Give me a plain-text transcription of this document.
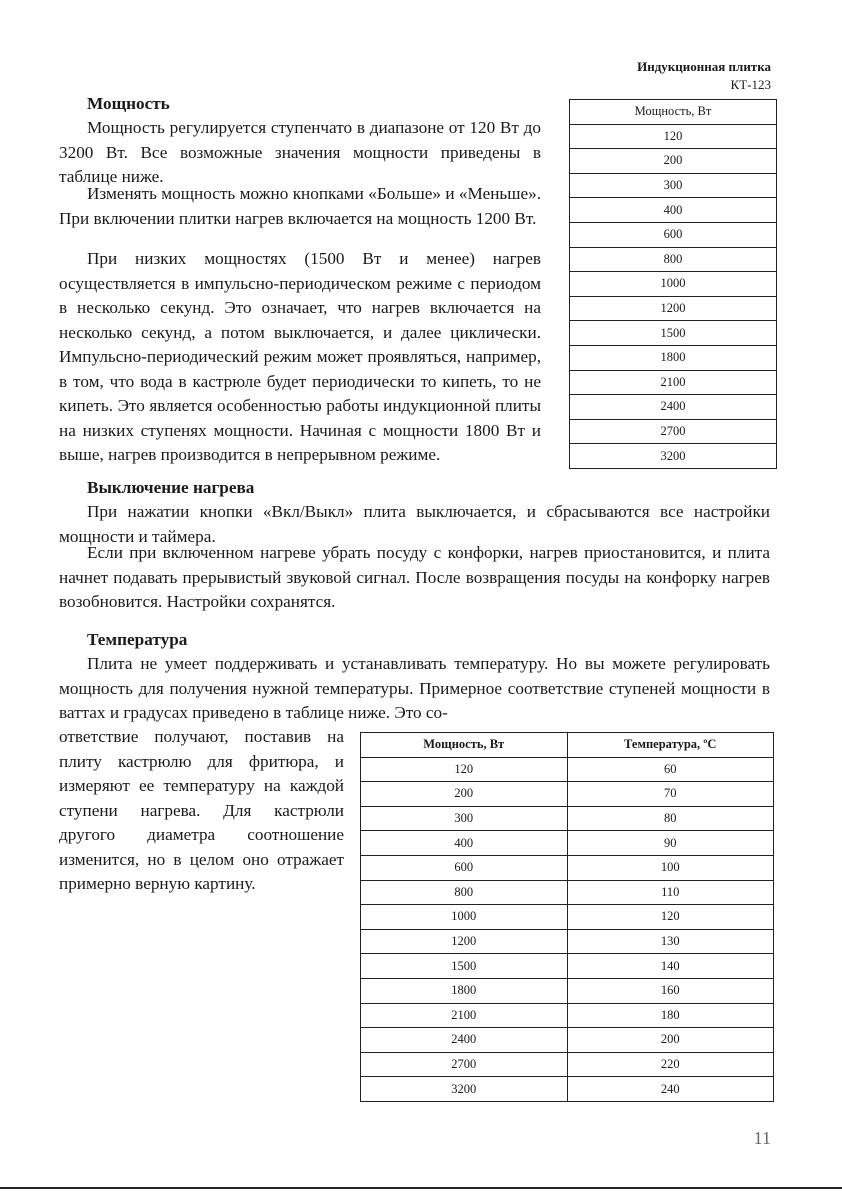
Индукционная плитка
КТ-123
Мощность

Мощность регулируется ступенчато в диапазоне от 120 Вт до 3200 Вт. Все возможные значения мощности приведены в таблице ниже.

Изменять мощность можно кнопками «Больше» и «Меньше». При включении плитки нагрев включается на мощность 1200 Вт.

При низких мощностях (1500 Вт и менее) нагрев осуществляется в импульсно-периодическом режиме с периодом в несколько секунд. Это означает, что нагрев включается на несколько секунд, а потом выключается, и далее циклически. Импульсно-периодический режим может проявляться, например, в том, что вода в кастрюле будет периодически то кипеть, то не кипеть. Это является особенностью работы индукционной плиты на низких ступенях мощности. Начиная с мощности 1800 Вт и выше, нагрев производится в непрерывном режиме.

Мощность, Вт
120
200
300
400
600
800
1000
1200
1500
1800
2100
2400
2700
3200
Выключение нагрева

При нажатии кнопки «Вкл/Выкл» плита выключается, и сбрасываются все настройки мощности и таймера.

Если при включенном нагреве убрать посуду с конфорки, нагрев приостановится, и плита начнет подавать прерывистый звуковой сигнал. После возвращения посуды на конфорку нагрев возобновится. Настройки сохранятся.

Температура

Плита не умеет поддерживать и устанавливать температуру. Но вы можете регулировать мощность для получения нужной температуры. Примерное соответствие ступеней мощности в ваттах и градусах приведено в таблице ниже. Это со-

ответствие получают, поставив на плиту кастрюлю для фритюра, и измеряют ее температуру на каждой ступени нагрева. Для кастрюли другого диаметра соотношение изменится, но в целом оно отражает примерно верную картину.

Мощность, Вт	Температура, ºС
120	60
200	70
300	80
400	90
600	100
800	110
1000	120
1200	130
1500	140
1800	160
2100	180
2400	200
2700	220
3200	240
11
